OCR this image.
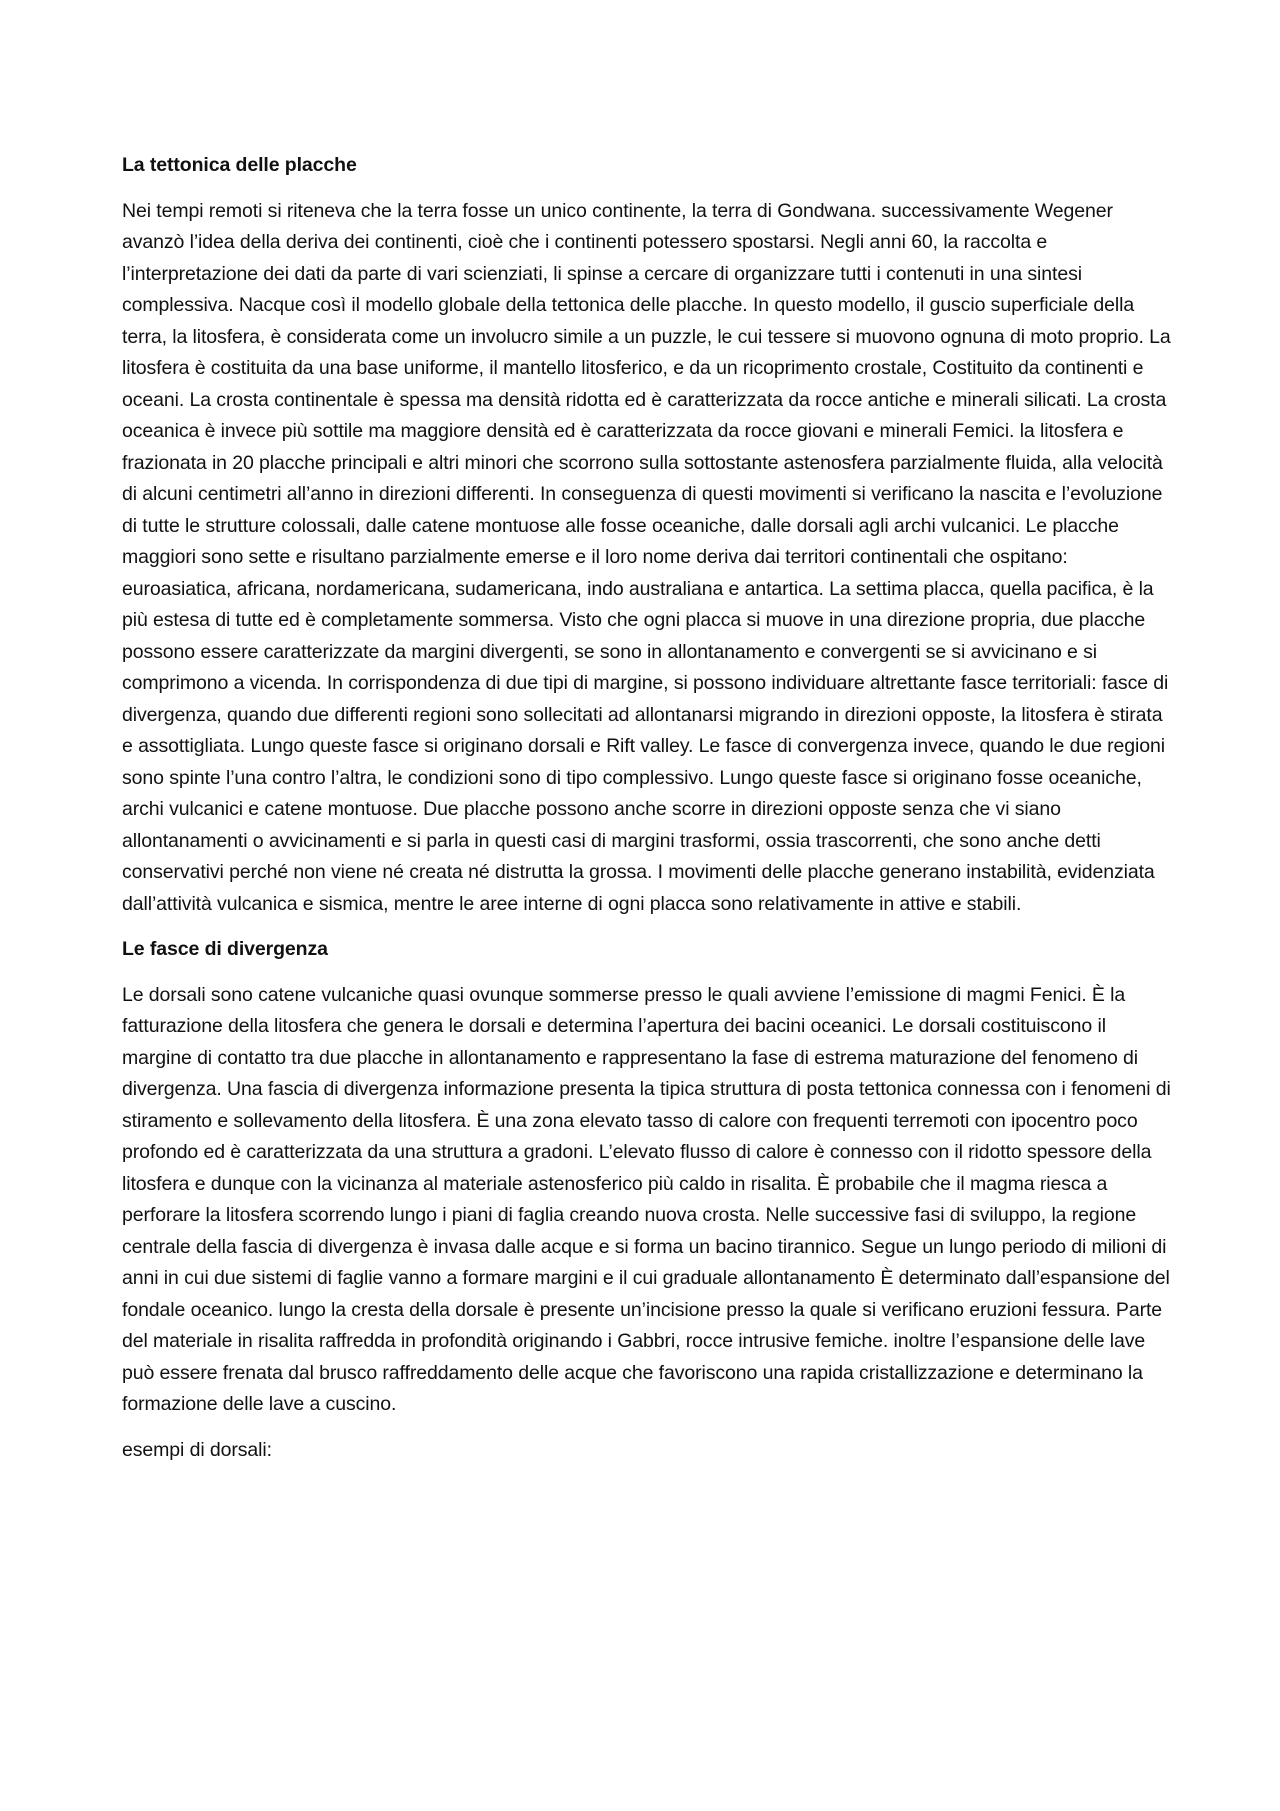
La tettonica delle placche

Nei tempi remoti si riteneva che la terra fosse un unico continente, la terra di Gondwana. successivamente Wegener avanzò l’idea della deriva dei continenti, cioè che i continenti potessero spostarsi. Negli anni 60, la raccolta e l’interpretazione dei dati da parte di vari scienziati, li spinse a cercare di organizzare tutti i contenuti in una sintesi complessiva. Nacque così il modello globale della tettonica delle placche. In questo modello, il guscio superficiale della terra, la litosfera, è considerata come un involucro simile a un puzzle, le cui tessere si muovono ognuna di moto proprio. La litosfera è costituita da una base uniforme, il mantello litosferico, e da un ricoprimento crostale, Costituito da continenti e oceani. La crosta continentale è spessa ma densità ridotta ed è caratterizzata da rocce antiche e minerali silicati. La crosta oceanica è invece più sottile ma maggiore densità ed è caratterizzata da rocce giovani e minerali Femici. la litosfera e frazionata in 20 placche principali e altri minori che scorrono sulla sottostante astenosfera parzialmente fluida, alla velocità di alcuni centimetri all’anno in direzioni differenti. In conseguenza di questi movimenti si verificano la nascita e l’evoluzione di tutte le strutture colossali, dalle catene montuose alle fosse oceaniche, dalle dorsali agli archi vulcanici. Le placche maggiori sono sette e risultano parzialmente emerse e il loro nome deriva dai territori continentali che ospitano: euroasiatica, africana, nordamericana, sudamericana, indo australiana e antartica. La settima placca, quella pacifica, è la più estesa di tutte ed è completamente sommersa. Visto che ogni placca si muove in una direzione propria, due placche possono essere caratterizzate da margini divergenti, se sono in allontanamento e convergenti se si avvicinano e si comprimono a vicenda. In corrispondenza di due tipi di margine, si possono individuare altrettante fasce territoriali: fasce di divergenza, quando due differenti regioni sono sollecitati ad allontanarsi migrando in direzioni opposte, la litosfera è stirata e assottigliata. Lungo queste fasce si originano dorsali e Rift valley. Le fasce di convergenza invece, quando le due regioni sono spinte l’una contro l’altra, le condizioni sono di tipo complessivo. Lungo queste fasce si originano fosse oceaniche, archi vulcanici e catene montuose. Due placche possono anche scorre in direzioni opposte senza che vi siano allontanamenti o avvicinamenti e si parla in questi casi di margini trasformi, ossia trascorrenti, che sono anche detti conservativi perché non viene né creata né distrutta la grossa. I movimenti delle placche generano instabilità, evidenziata dall’attività vulcanica e sismica, mentre le aree interne di ogni placca sono relativamente in attive e stabili.

Le fasce di divergenza

Le dorsali sono catene vulcaniche quasi ovunque sommerse presso le quali avviene l’emissione di magmi Fenici. È la fatturazione della litosfera che genera le dorsali e determina l’apertura dei bacini oceanici. Le dorsali costituiscono il margine di contatto tra due placche in allontanamento e rappresentano la fase di estrema maturazione del fenomeno di divergenza. Una fascia di divergenza informazione presenta la tipica struttura di posta tettonica connessa con i fenomeni di stiramento e sollevamento della litosfera. È una zona elevato tasso di calore con frequenti terremoti con ipocentro poco profondo ed è caratterizzata da una struttura a gradoni. L’elevato flusso di calore è connesso con il ridotto spessore della litosfera e dunque con la vicinanza al materiale astenosferico più caldo in risalita. È probabile che il magma riesca a perforare la litosfera scorrendo lungo i piani di faglia creando nuova crosta. Nelle successive fasi di sviluppo, la regione centrale della fascia di divergenza è invasa dalle acque e si forma un bacino tirannico. Segue un lungo periodo di milioni di anni in cui due sistemi di faglie vanno a formare margini e il cui graduale allontanamento È determinato dall’espansione del fondale oceanico. lungo la cresta della dorsale è presente un’incisione presso la quale si verificano eruzioni fessura. Parte del materiale in risalita raffredda in profondità originando i Gabbri, rocce intrusive femiche. inoltre l’espansione delle lave può essere frenata dal brusco raffreddamento delle acque che favoriscono una rapida cristallizzazione e determinano la formazione delle lave a cuscino.

esempi di dorsali:
